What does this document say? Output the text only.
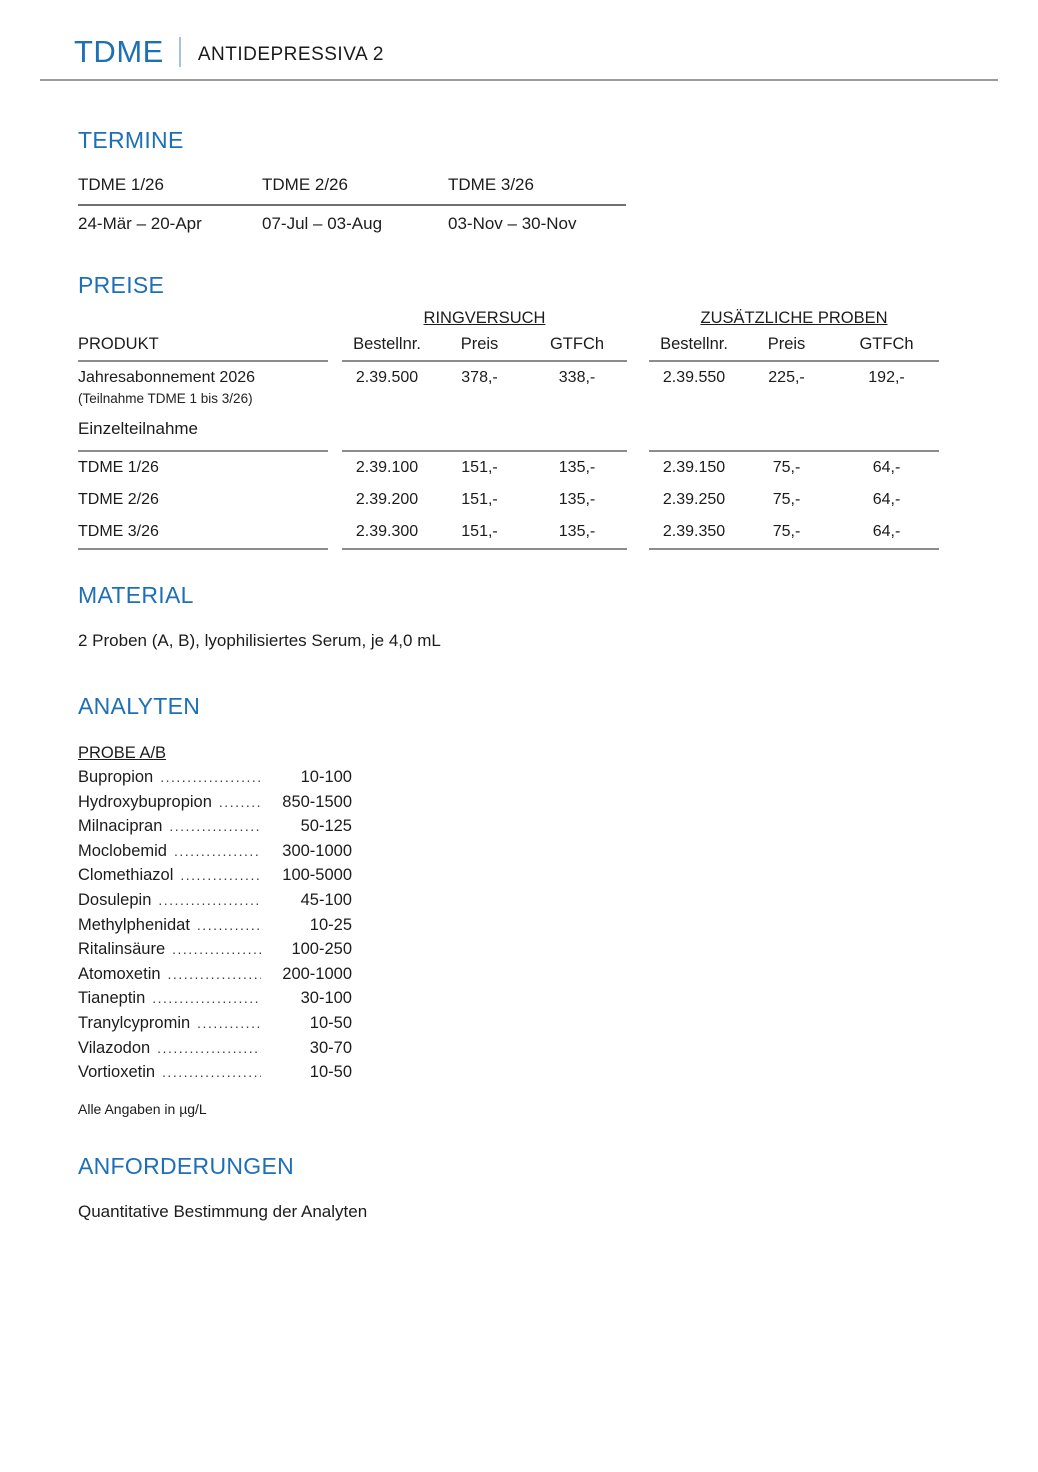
TDME ANTIDEPRESSIVA 2
TERMINE
TDME 1/26	TDME 2/26	TDME 3/26
24-Mär – 20-Apr	07-Jul – 03-Aug	03-Nov – 30-Nov
PREISE
RINGVERSUCH	ZUSÄTZLICHE PROBEN
PRODUKT	Bestellnr.	Preis	GTFCh	Bestellnr.	Preis	GTFCh
Jahresabonnement 2026	2.39.500	378,-	338,-	2.39.550	225,-	192,-
(Teilnahme TDME 1 bis 3/26)
Einzelteilnahme
TDME 1/26	2.39.100	151,-	135,-	2.39.150	75,-	64,-
TDME 2/26	2.39.200	151,-	135,-	2.39.250	75,-	64,-
TDME 3/26	2.39.300	151,-	135,-	2.39.350	75,-	64,-
MATERIAL
2 Proben (A, B), lyophilisiertes Serum, je 4,0 mL
ANALYTEN
PROBE A/B
Bupropion .....	10-100
Hydroxybupropion .....	850-1500
Milnacipran .....	50-125
Moclobemid .....	300-1000
Clomethiazol .....	100-5000
Dosulepin .....	45-100
Methylphenidat .....	10-25
Ritalinsäure .....	100-250
Atomoxetin .....	200-1000
Tianeptin .....	30-100
Tranylcypromin .....	10-50
Vilazodon .....	30-70
Vortioxetin .....	10-50
Alle Angaben in µg/L
ANFORDERUNGEN
Quantitative Bestimmung der Analyten
